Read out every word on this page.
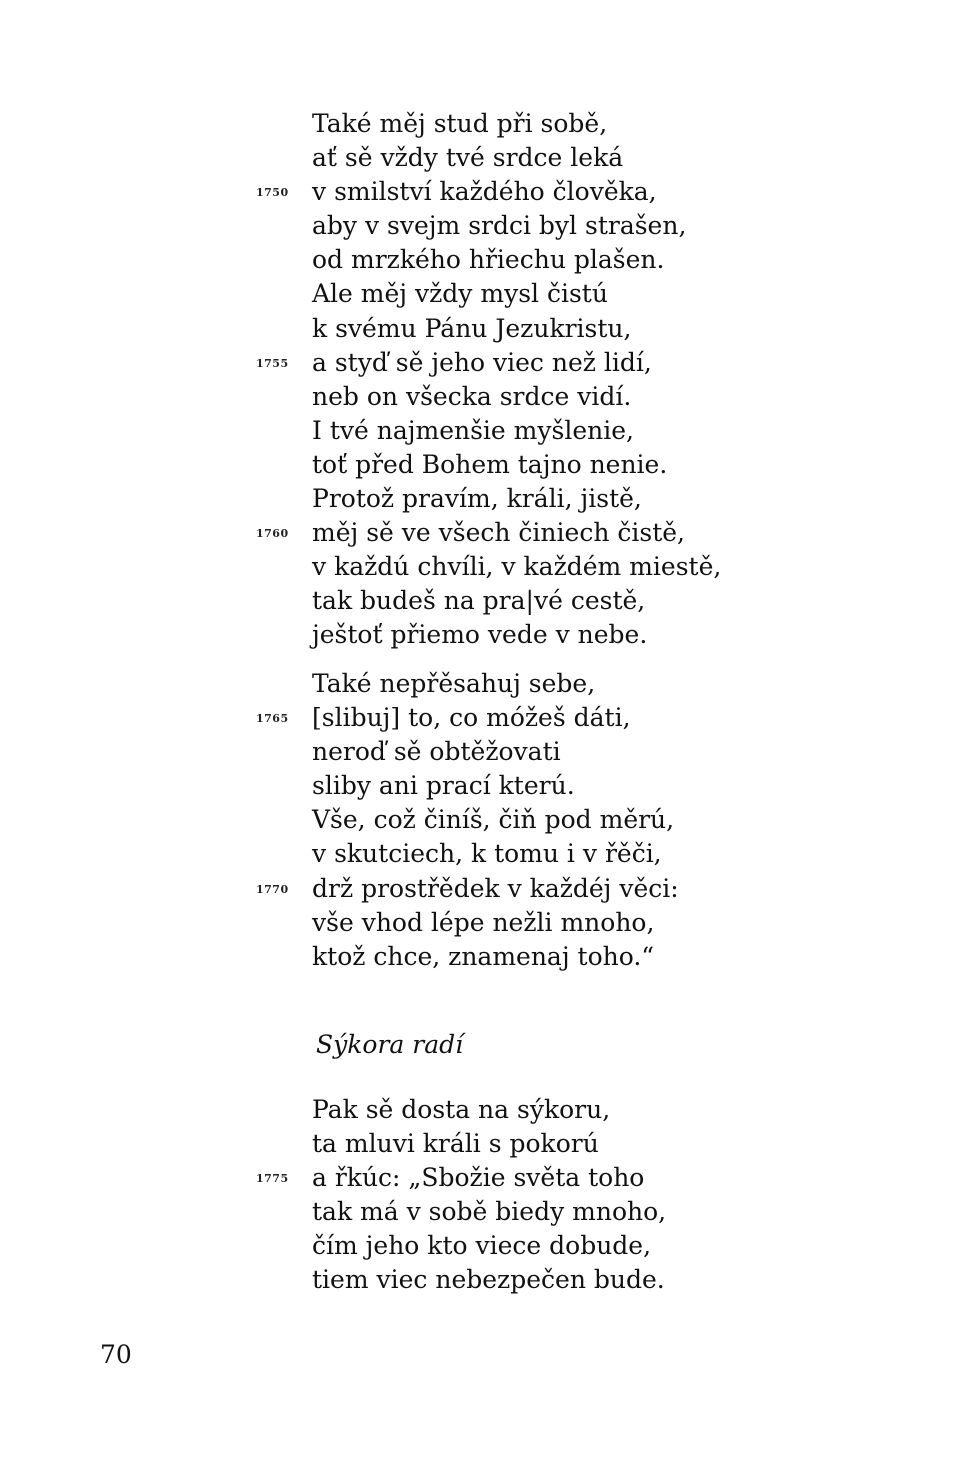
Také měj stud při sobě,
ať sě vždy tvé srdce leká
1750 v smilství každého člověka,
aby v svejm srdci byl strašen,
od mrzkého hřiechu plašen.
Ale měj vždy mysl čistú
k svému Pánu Jezukristu,
1755 a styď sě jeho viec než lidí,
neb on všecka srdce vidí.
I tvé najmenšie myšlenie,
toť před Bohem tajno nenie.
Protož pravím, králi, jistě,
1760 měj sě ve všech činiech čistě,
v každú chvíli, v každém miestě,
tak budeš na pra|vé cestě,
ještoť přiemo vede v nebe.
Také nepřěsahuj sebe,
1765 [slibuj] to, co móžeš dáti,
neroď sě obtěžovati
sliby ani prací kterú.
Vše, což činíš, čiň pod měrú,
v skutciech, k tomu i v řěči,
1770 drž prostřědek v každéj věci:
vše vhod lépe nežli mnoho,
ktož chce, znamenaj toho.“
Sýkora radí
Pak sě dosta na sýkoru,
ta mluvi králi s pokorú
1775 a řkúc: „Sbožie světa toho
tak má v sobě biedy mnoho,
čím jeho kto viece dobude,
tiem viec nebezpečen bude.
70
